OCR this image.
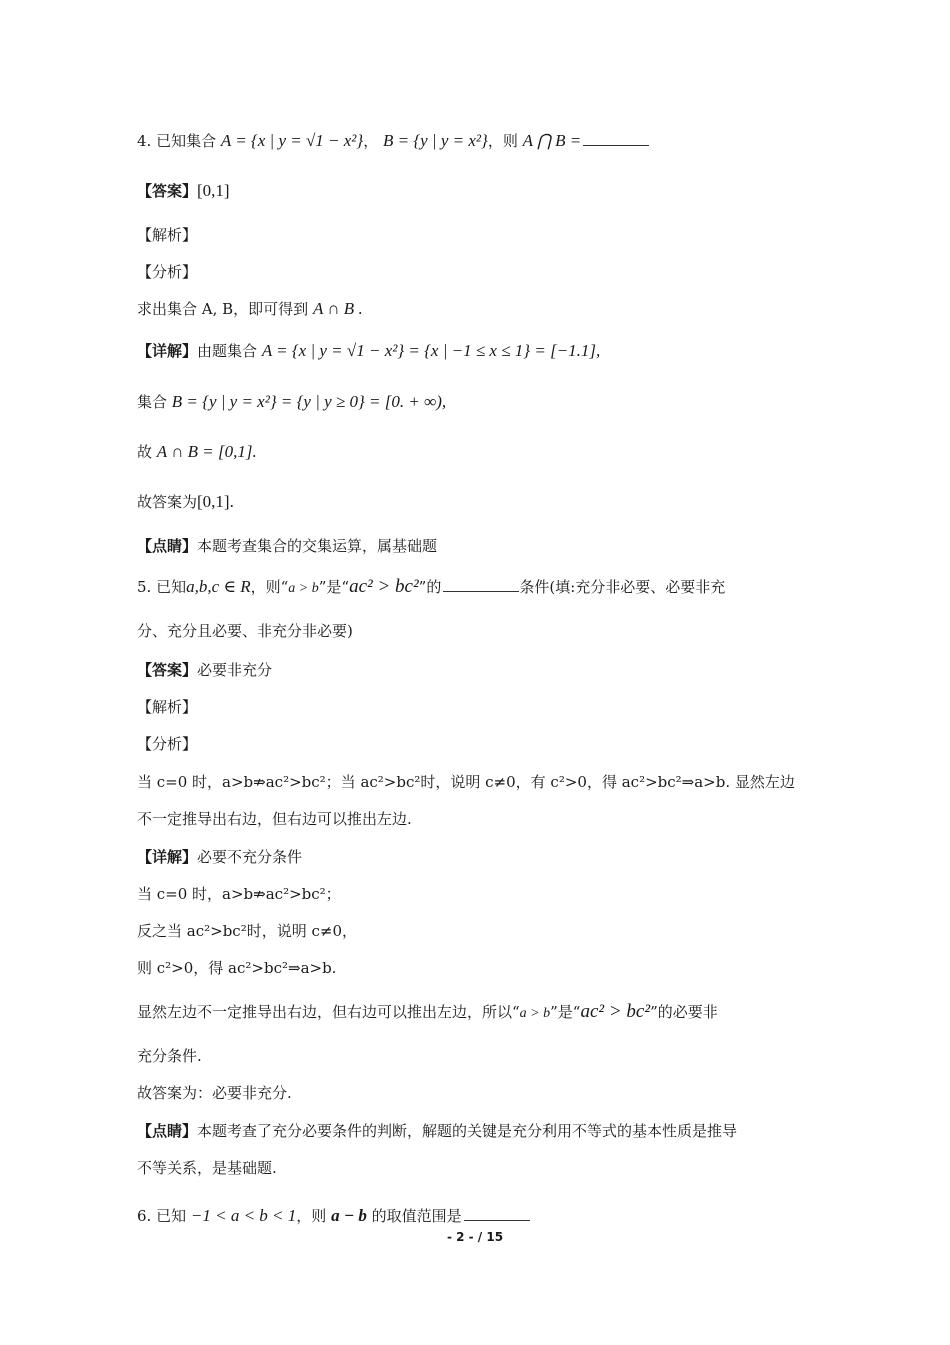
4. 已知集合 A = {x | y = √1 − x²}， B = {y | y = x²}，则 A ⋂ B =
【答案】[0,1]
【解析】
【分析】
求出集合 A, B，即可得到 A ∩ B .
【详解】由题集合 A = {x | y = √1 − x²} = {x | −1 ≤ x ≤ 1} = [−1.1],
集合 B = {y | y = x²} = {y | y ≥ 0} = [0. + ∞),
故 A ∩ B = [0,1].
故答案为[0,1].
【点睛】本题考查集合的交集运算，属基础题
5. 已知a,b,c ∈ R，则“a > b”是“ac² > bc²”的	条件(填:充分非必要、必要非充
分、充分且必要、非充分非必要)
【答案】必要非充分
【解析】
【分析】
当 c=0 时，a>b⇏ac²>bc²；当 ac²>bc²时，说明 c≠0，有 c²>0，得 ac²>bc²⇒a>b. 显然左边
不一定推导出右边，但右边可以推出左边.
【详解】必要不充分条件
当 c=0 时，a>b⇏ac²>bc²；
反之当 ac²>bc²时，说明 c≠0，
则 c²>0，得 ac²>bc²⇒a>b.
显然左边不一定推导出右边，但右边可以推出左边，所以“a > b”是“ac² > bc²”的必要非
充分条件.
故答案为：必要非充分.
【点睛】本题考查了充分必要条件的判断，解题的关键是充分利用不等式的基本性质是推导
不等关系，是基础题.
6. 已知 −1 < a < b < 1，则 a − b 的取值范围是
- 2 - / 15
